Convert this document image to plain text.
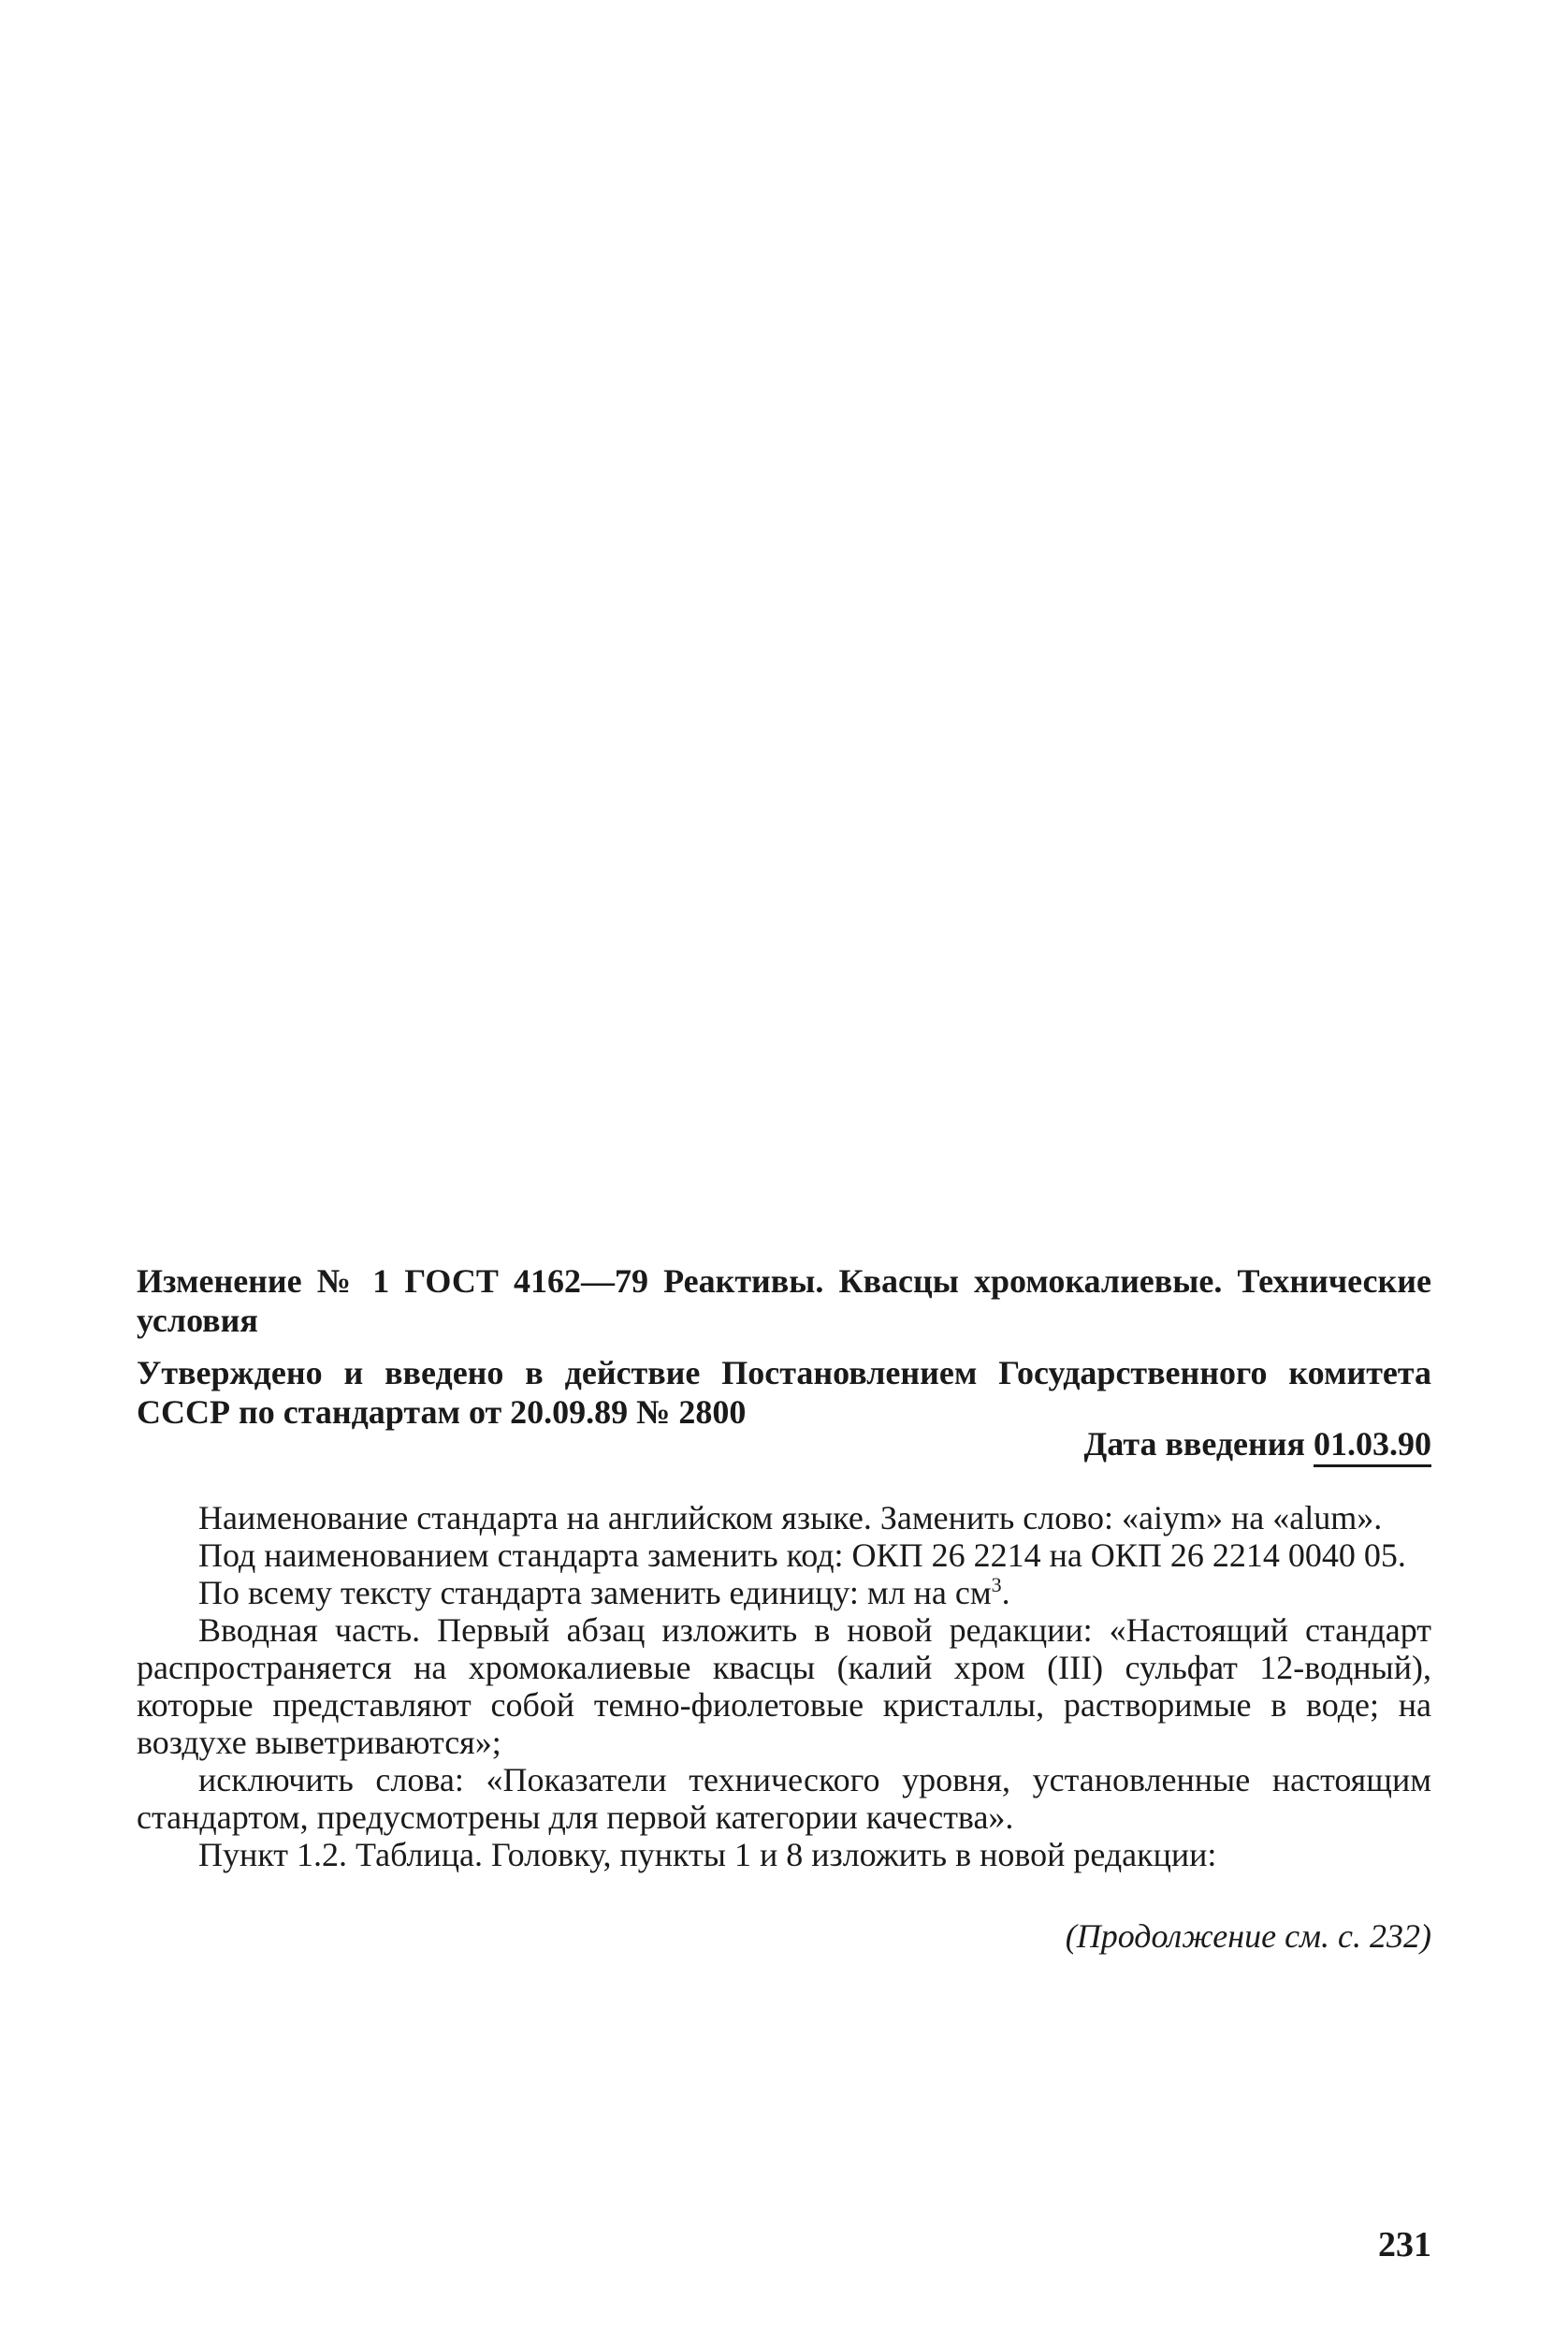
Изменение № 1 ГОСТ 4162—79 Реактивы. Квасцы хромокалиевые. Технические условия
Утверждено и введено в действие Постановлением Государственного комитета СССР по стандартам от 20.09.89 № 2800
Дата введения 01.03.90

Наименование стандарта на английском языке. Заменить слово: «aiym» на «alum».

Под наименованием стандарта заменить код: ОКП 26 2214 на ОКП 26 2214 0040 05.

По всему тексту стандарта заменить единицу: мл на $см^3$.

Вводная часть. Первый абзац изложить в новой редакции: «Настоящий стандарт распространяется на хромокалиевые квасцы (калий хром (III) сульфат 12-водный), которые представляют собой темно-фиолетовые кристаллы, растворимые в воде; на воздухе выветриваются»;

исключить слова: «Показатели технического уровня, установленные настоящим стандартом, предусмотрены для первой категории качества».

Пункт 1.2. Таблица. Головку, пункты 1 и 8 изложить в новой редакции:

(Продолжение см. с. 232)
231
